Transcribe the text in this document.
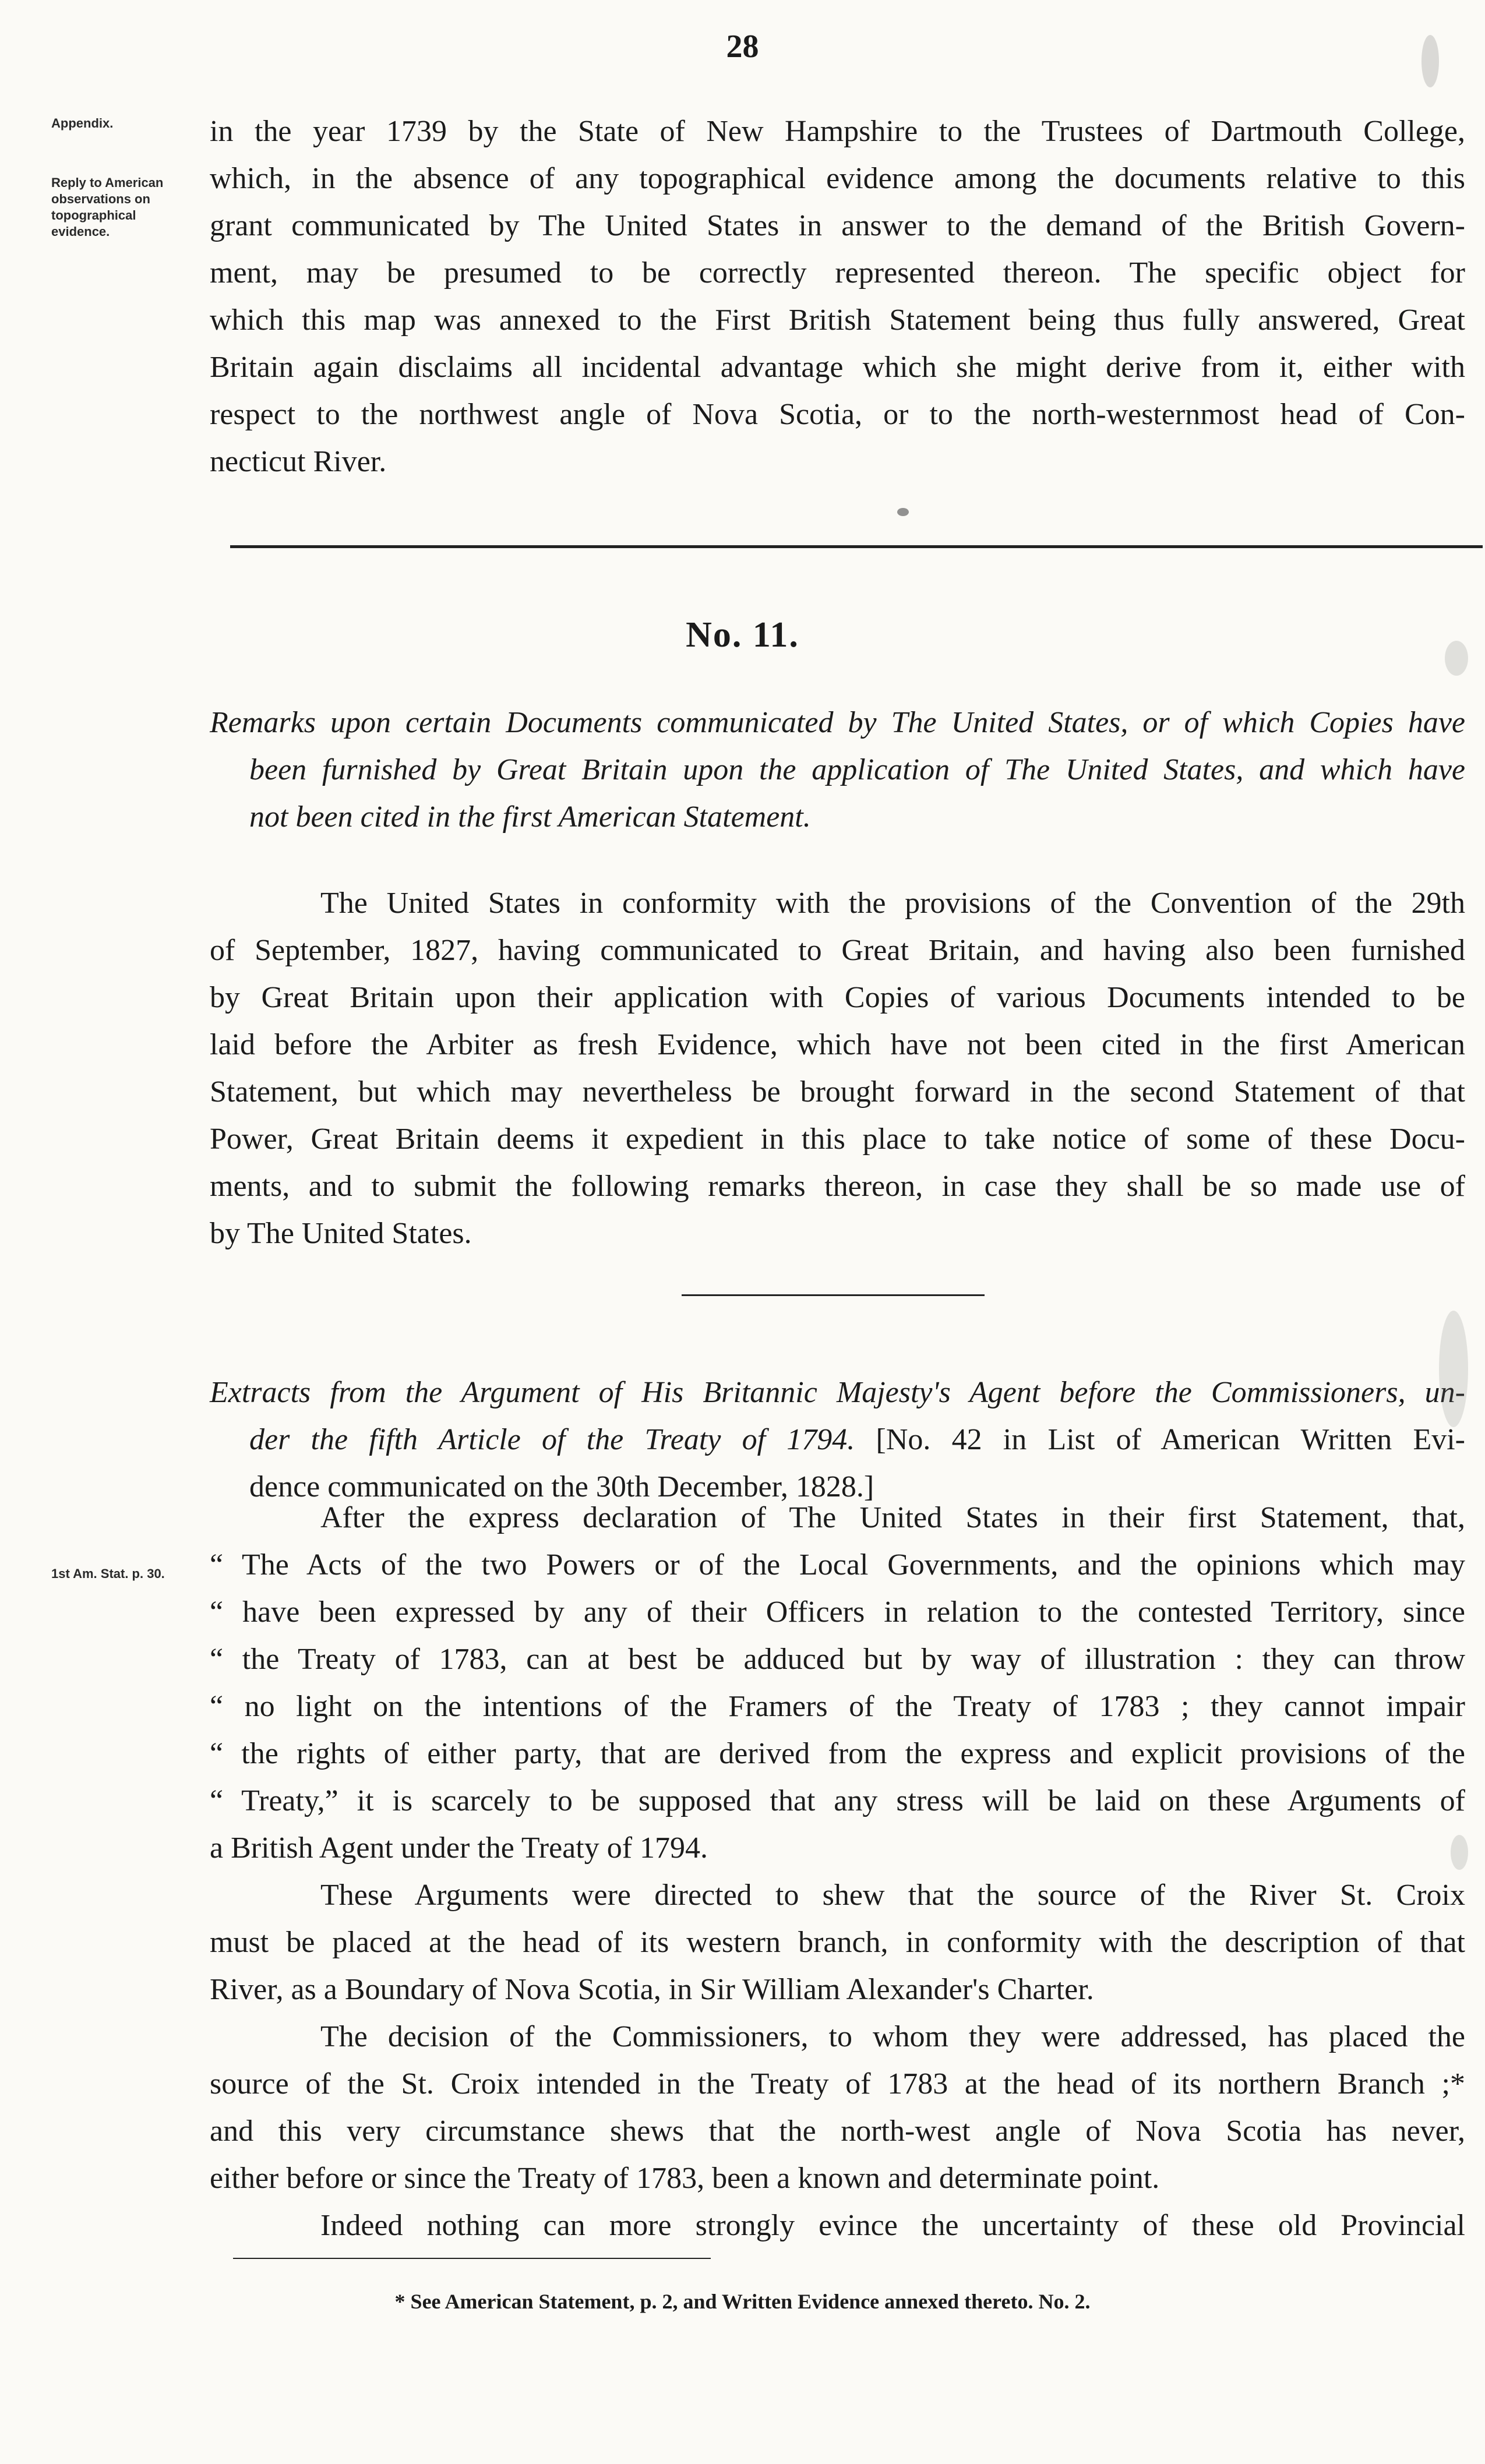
28
Appendix.
Reply to American observations on topographical evidence.
1st Am. Stat. p. 30.
in the year 1739 by the State of New Hampshire to the Trustees of Dartmouth College,
which, in the absence of any topographical evidence among the documents relative to this
grant communicated by The United States in answer to the demand of the British Govern-
ment, may be presumed to be correctly represented thereon. The specific object for
which this map was annexed to the First British Statement being thus fully answered, Great
Britain again disclaims all incidental advantage which she might derive from it, either with
respect to the northwest angle of Nova Scotia, or to the north-westernmost head of Con-
necticut River.
No. 11.
Remarks upon certain Documents communicated by The United States, or of which Copies have
been furnished by Great Britain upon the application of The United States, and which have
not been cited in the first American Statement.
The United States in conformity with the provisions of the Convention of the 29th
of September, 1827, having communicated to Great Britain, and having also been furnished
by Great Britain upon their application with Copies of various Documents intended to be
laid before the Arbiter as fresh Evidence, which have not been cited in the first American
Statement, but which may nevertheless be brought forward in the second Statement of that
Power, Great Britain deems it expedient in this place to take notice of some of these Docu-
ments, and to submit the following remarks thereon, in case they shall be so made use of
by The United States.
Extracts from the Argument of His Britannic Majesty's Agent before the Commissioners, un-
der the fifth Article of the Treaty of 1794. [No. 42 in List of American Written Evi-
dence communicated on the 30th December, 1828.]
After the express declaration of The United States in their first Statement, that,
“ The Acts of the two Powers or of the Local Governments, and the opinions which may
“ have been expressed by any of their Officers in relation to the contested Territory, since
“ the Treaty of 1783, can at best be adduced but by way of illustration : they can throw
“ no light on the intentions of the Framers of the Treaty of 1783 ; they cannot impair
“ the rights of either party, that are derived from the express and explicit provisions of the
“ Treaty,” it is scarcely to be supposed that any stress will be laid on these Arguments of
a British Agent under the Treaty of 1794.
These Arguments were directed to shew that the source of the River St. Croix
must be placed at the head of its western branch, in conformity with the description of that
River, as a Boundary of Nova Scotia, in Sir William Alexander's Charter.
The decision of the Commissioners, to whom they were addressed, has placed the
source of the St. Croix intended in the Treaty of 1783 at the head of its northern Branch ;*
and this very circumstance shews that the north-west angle of Nova Scotia has never,
either before or since the Treaty of 1783, been a known and determinate point.
Indeed nothing can more strongly evince the uncertainty of these old Provincial
* See American Statement, p. 2, and Written Evidence annexed thereto. No. 2.
